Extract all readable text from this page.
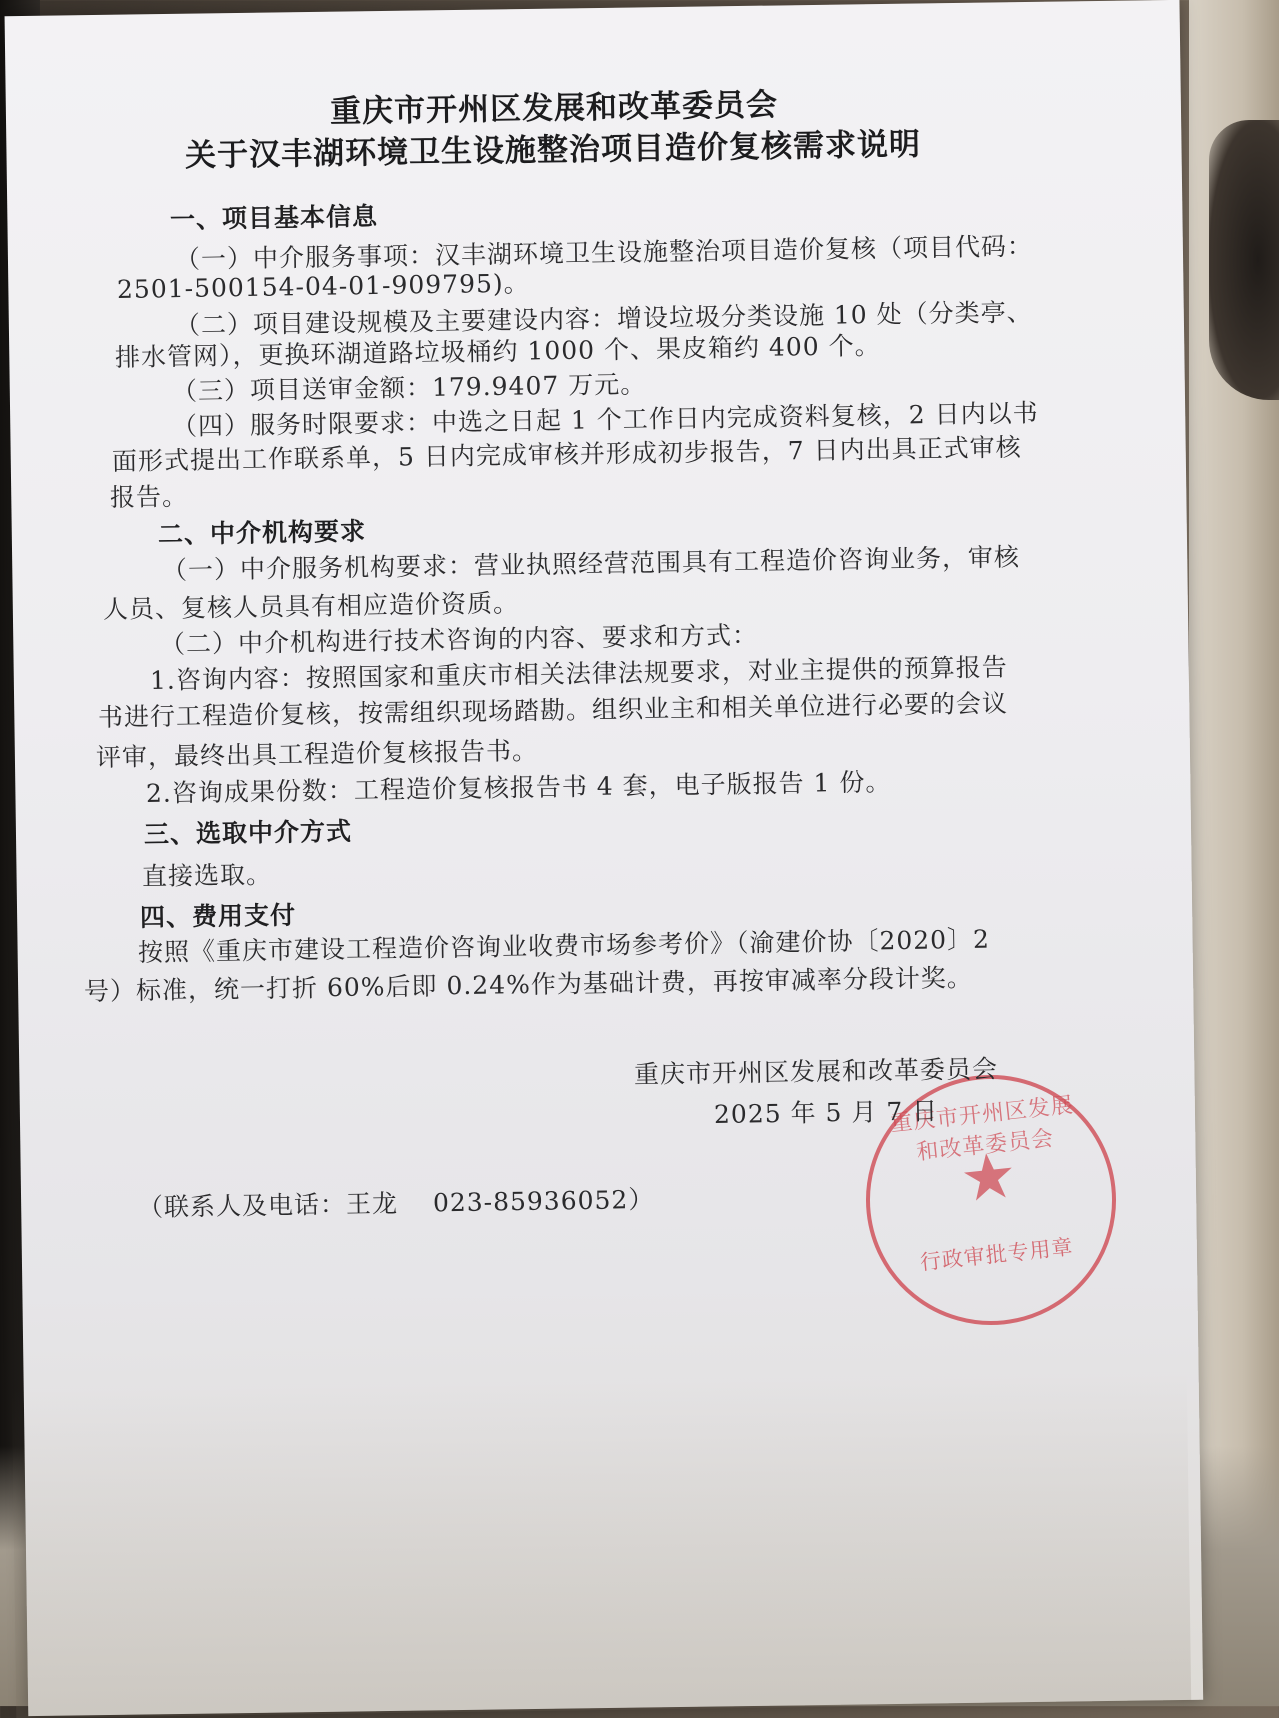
重庆市开州区发展和改革委员会
关于汉丰湖环境卫生设施整治项目造价复核需求说明
一、项目基本信息
（一）中介服务事项：汉丰湖环境卫生设施整治项目造价复核（项目代码：
2501-500154-04-01-909795)。
（二）项目建设规模及主要建设内容：增设垃圾分类设施 10 处（分类亭、
排水管网），更换环湖道路垃圾桶约 1000 个、果皮箱约 400 个。
（三）项目送审金额：179.9407 万元。
（四）服务时限要求：中选之日起 1 个工作日内完成资料复核，2 日内以书
面形式提出工作联系单，5 日内完成审核并形成初步报告，7 日内出具正式审核
报告。
二、中介机构要求
（一）中介服务机构要求：营业执照经营范围具有工程造价咨询业务，审核
人员、复核人员具有相应造价资质。
（二）中介机构进行技术咨询的内容、要求和方式：
1.咨询内容：按照国家和重庆市相关法律法规要求，对业主提供的预算报告
书进行工程造价复核，按需组织现场踏勘。组织业主和相关单位进行必要的会议
评审，最终出具工程造价复核报告书。
2.咨询成果份数：工程造价复核报告书 4 套，电子版报告 1 份。
三、选取中介方式
直接选取。
四、费用支付
按照《重庆市建设工程造价咨询业收费市场参考价》（渝建价协〔2020〕2
号）标准，统一打折 60%后即 0.24%作为基础计费，再按审减率分段计奖。
重庆市开州区发展和改革委员会
行政审批专用章
重庆市开州区发展和改革委员会
2025 年 5 月 7 日
（联系人及电话：王龙　 023-85936052）
